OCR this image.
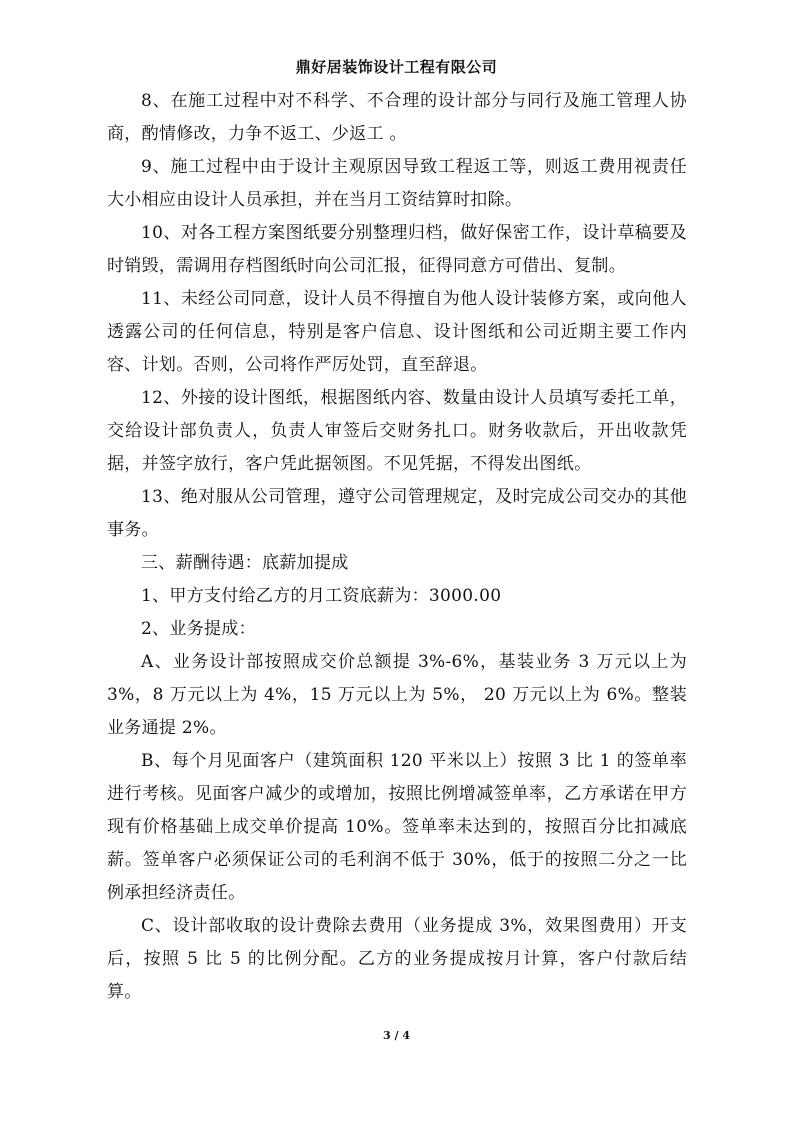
鼎好居装饰设计工程有限公司

8、在施工过程中对不科学、不合理的设计部分与同行及施工管理人协商，酌情修改，力争不返工、少返工 。

9、施工过程中由于设计主观原因导致工程返工等，则返工费用视责任大小相应由设计人员承担，并在当月工资结算时扣除。

10、对各工程方案图纸要分别整理归档，做好保密工作，设计草稿要及时销毁，需调用存档图纸时向公司汇报，征得同意方可借出、复制。

11、未经公司同意，设计人员不得擅自为他人设计装修方案，或向他人透露公司的任何信息，特别是客户信息、设计图纸和公司近期主要工作内容、计划。否则，公司将作严厉处罚，直至辞退。

12、外接的设计图纸，根据图纸内容、数量由设计人员填写委托工单，交给设计部负责人，负责人审签后交财务扎口。财务收款后，开出收款凭据，并签字放行，客户凭此据领图。不见凭据，不得发出图纸。

13、绝对服从公司管理，遵守公司管理规定，及时完成公司交办的其他事务。

三、薪酬待遇：底薪加提成

1、甲方支付给乙方的月工资底薪为：3000.00

2、业务提成：

A、业务设计部按照成交价总额提 3%-6%，基装业务 3 万元以上为 3%，8 万元以上为 4%，15 万元以上为 5%， 20 万元以上为 6%。整装业务通提 2%。

B、每个月见面客户（建筑面积 120 平米以上）按照 3 比 1 的签单率进行考核。见面客户减少的或增加，按照比例增减签单率，乙方承诺在甲方现有价格基础上成交单价提高 10%。签单率未达到的，按照百分比扣减底薪。签单客户必须保证公司的毛利润不低于 30%，低于的按照二分之一比例承担经济责任。

C、设计部收取的设计费除去费用（业务提成 3%，效果图费用）开支后，按照 5 比 5 的比例分配。乙方的业务提成按月计算，客户付款后结算。

3 / 4
